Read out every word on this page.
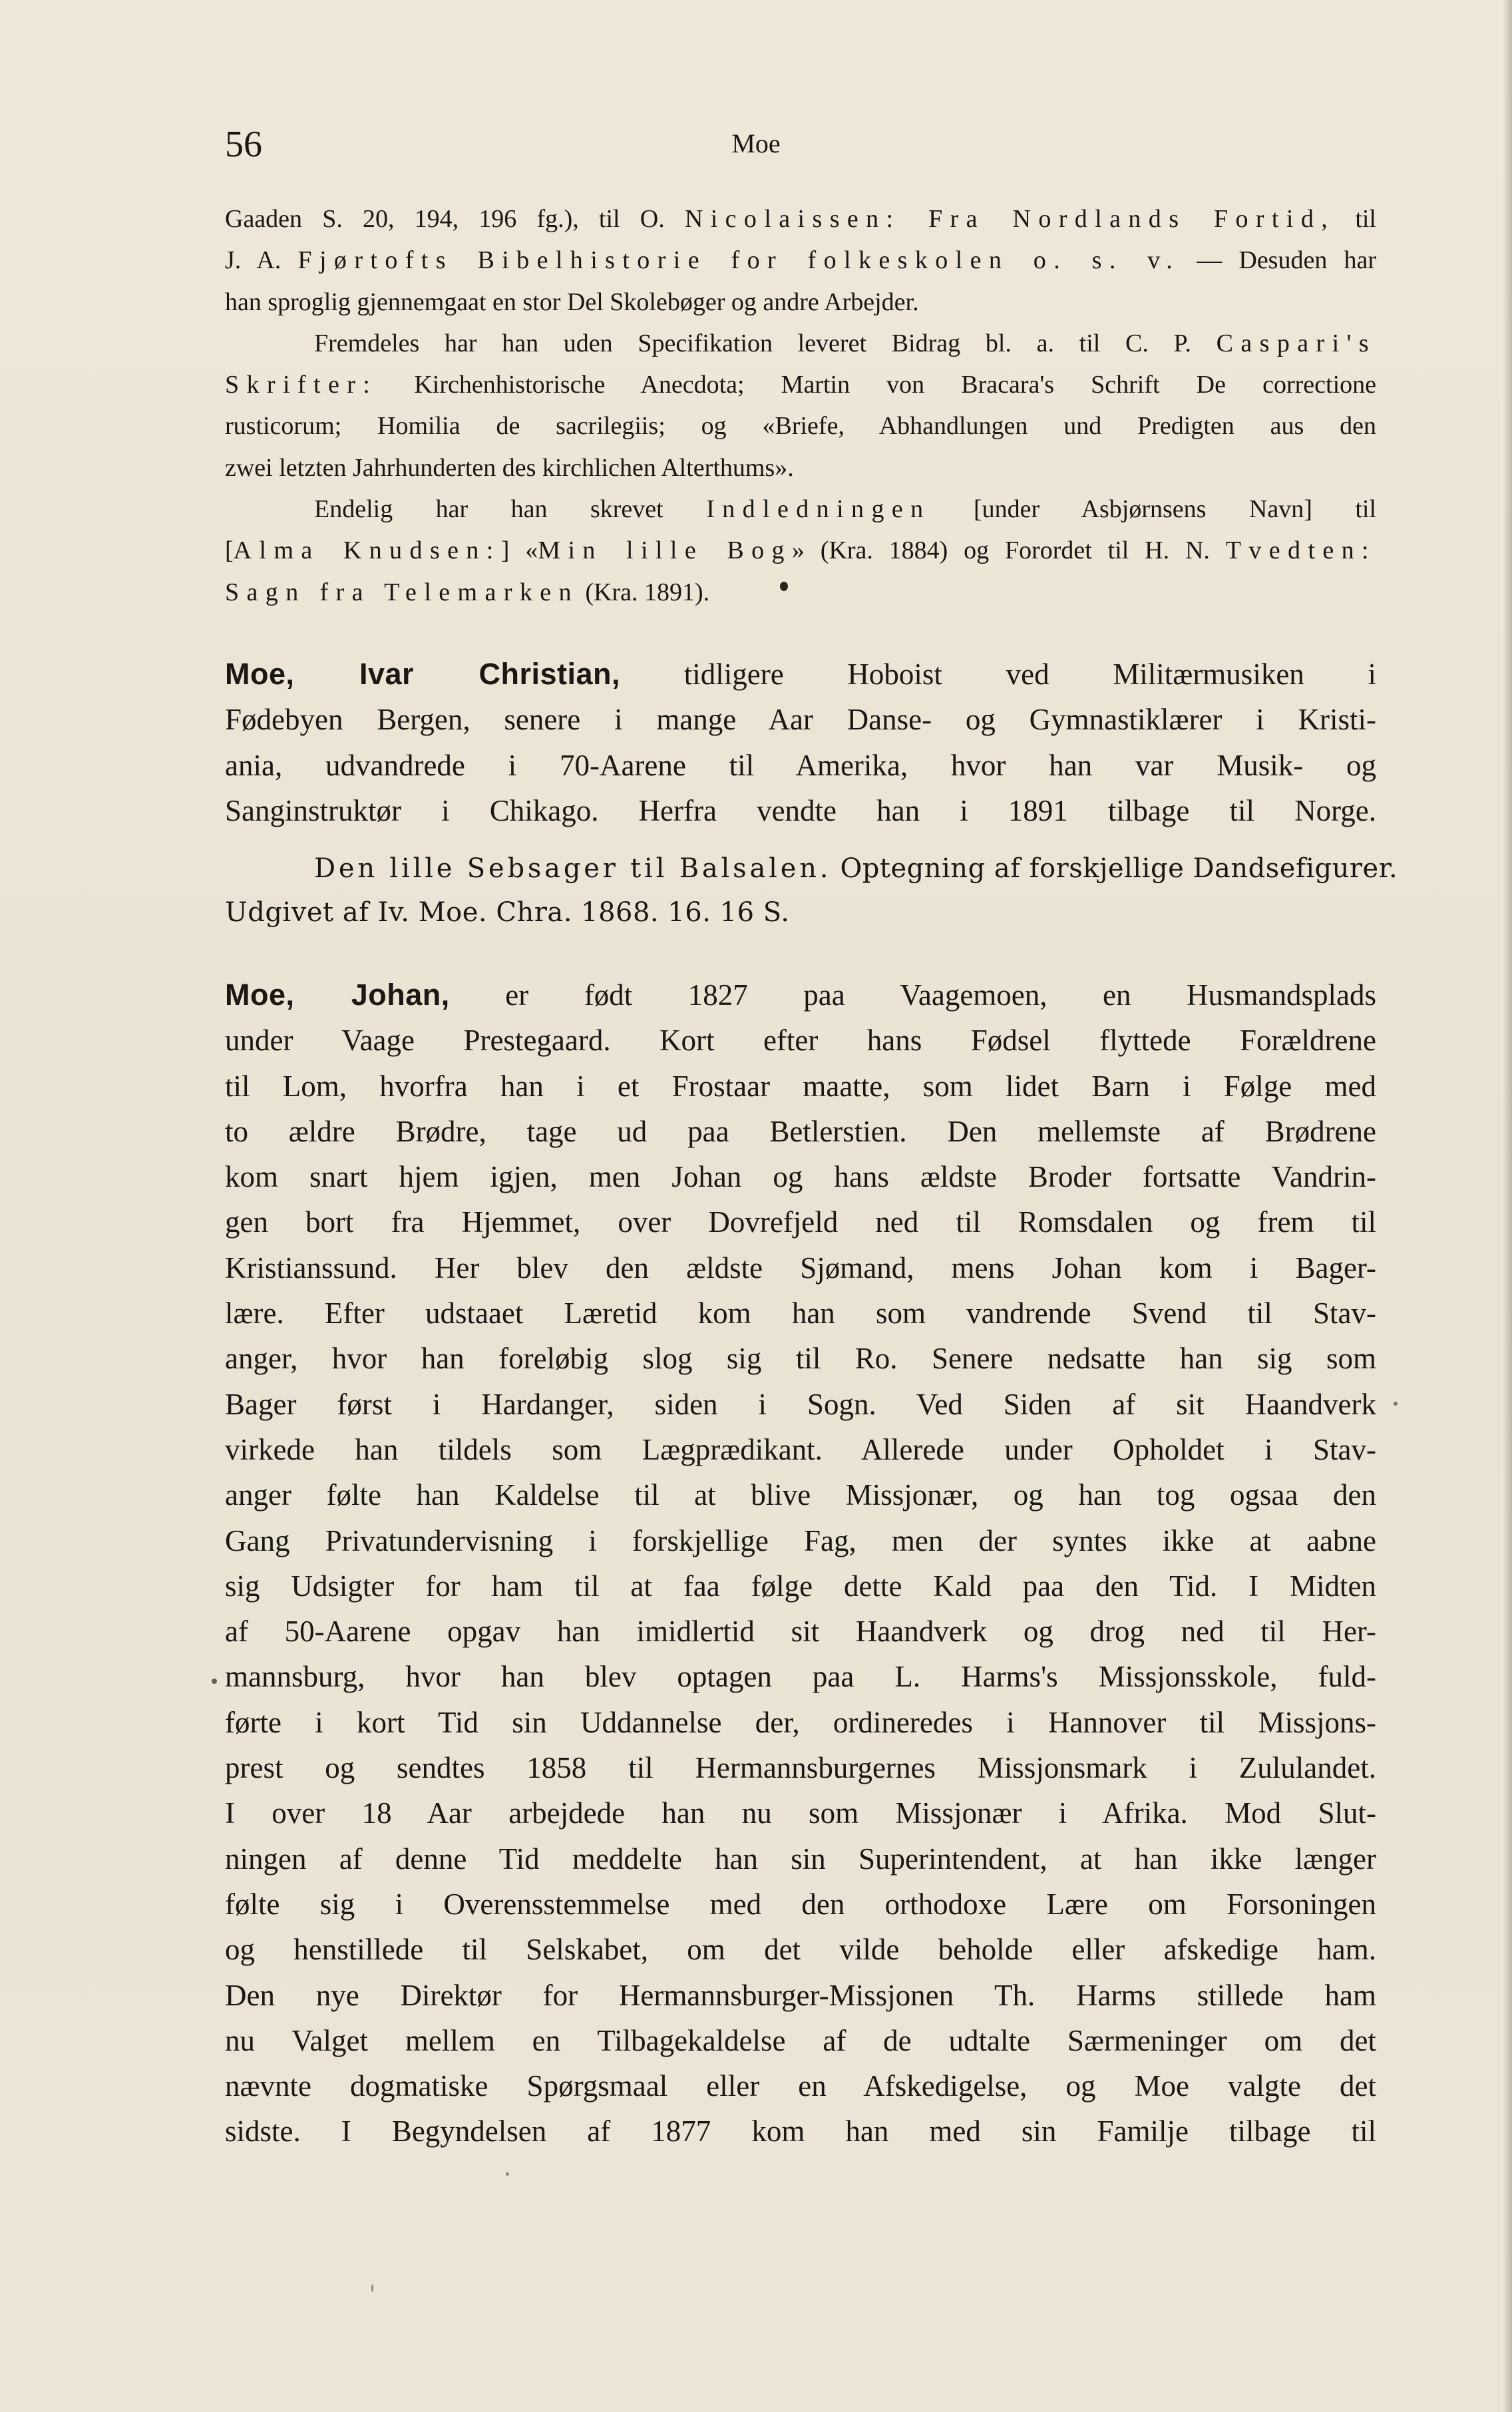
56	Moe
Gaaden S. 20, 194, 196 fg.), til O. Nicolaissen: Fra Nordlands Fortid, til
J. A. Fjørtofts Bibelhistorie for folkeskolen o. s. v. — Desuden har
han sproglig gjennemgaat en stor Del Skolebøger og andre Arbejder.
Fremdeles har han uden Specifikation leveret Bidrag bl. a. til C. P. Caspari's
Skrifter: Kirchenhistorische Anecdota; Martin von Bracara's Schrift De correctione
rusticorum; Homilia de sacrilegiis; og «Briefe, Abhandlungen und Predigten aus den
zwei letzten Jahrhunderten des kirchlichen Alterthums».
Endelig har han skrevet Indledningen [under Asbjørnsens Navn] til
[Alma Knudsen:] «Min lille Bog» (Kra. 1884) og Forordet til H. N. Tvedten:
Sagn fra Telemarken (Kra. 1891).
Moe, Ivar Christian, tidligere Hoboist ved Militærmusiken i
Fødebyen Bergen, senere i mange Aar Danse- og Gymnastiklærer i Kristi-
ania, udvandrede i 70-Aarene til Amerika, hvor han var Musik- og
Sanginstruktør i Chikago. Herfra vendte han i 1891 tilbage til Norge.
Den lille Sebsager til Balsalen. Optegning af forskjellige Dandsefigurer.
Udgivet af Iv. Moe. Chra. 1868. 16. 16 S.
Moe, Johan, er født 1827 paa Vaagemoen, en Husmandsplads
under Vaage Prestegaard. Kort efter hans Fødsel flyttede Forældrene
til Lom, hvorfra han i et Frostaar maatte, som lidet Barn i Følge med
to ældre Brødre, tage ud paa Betlerstien. Den mellemste af Brødrene
kom snart hjem igjen, men Johan og hans ældste Broder fortsatte Vandrin-
gen bort fra Hjemmet, over Dovrefjeld ned til Romsdalen og frem til
Kristianssund. Her blev den ældste Sjømand, mens Johan kom i Bager-
lære. Efter udstaaet Læretid kom han som vandrende Svend til Stav-
anger, hvor han foreløbig slog sig til Ro. Senere nedsatte han sig som
Bager først i Hardanger, siden i Sogn. Ved Siden af sit Haandverk
virkede han tildels som Lægprædikant. Allerede under Opholdet i Stav-
anger følte han Kaldelse til at blive Missjonær, og han tog ogsaa den
Gang Privatundervisning i forskjellige Fag, men der syntes ikke at aabne
sig Udsigter for ham til at faa følge dette Kald paa den Tid. I Midten
af 50-Aarene opgav han imidlertid sit Haandverk og drog ned til Her-
mannsburg, hvor han blev optagen paa L. Harms's Missjonsskole, fuld-
førte i kort Tid sin Uddannelse der, ordineredes i Hannover til Missjons-
prest og sendtes 1858 til Hermannsburgernes Missjonsmark i Zululandet.
I over 18 Aar arbejdede han nu som Missjonær i Afrika. Mod Slut-
ningen af denne Tid meddelte han sin Superintendent, at han ikke længer
følte sig i Overensstemmelse med den orthodoxe Lære om Forsoningen
og henstillede til Selskabet, om det vilde beholde eller afskedige ham.
Den nye Direktør for Hermannsburger-Missjonen Th. Harms stillede ham
nu Valget mellem en Tilbagekaldelse af de udtalte Særmeninger om det
nævnte dogmatiske Spørgsmaal eller en Afskedigelse, og Moe valgte det
sidste. I Begyndelsen af 1877 kom han med sin Familje tilbage til
